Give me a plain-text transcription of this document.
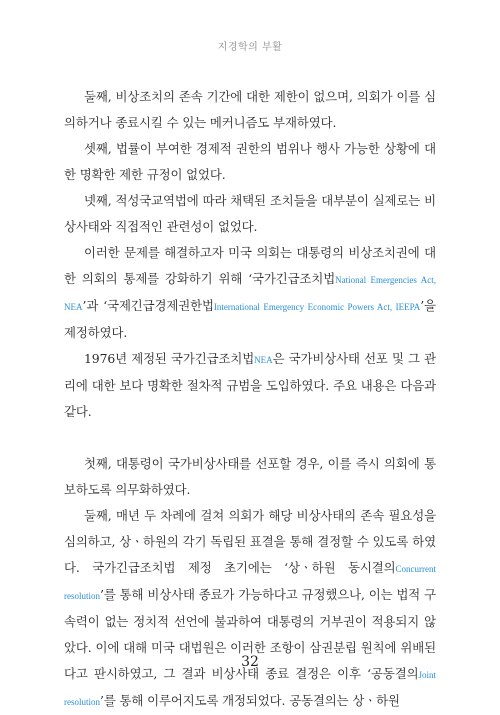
지경학의 부활

둘째, 비상조치의 존속 기간에 대한 제한이 없으며, 의회가 이를 심의하거나 종료시킬 수 있는 메커니즘도 부재하였다.

셋째, 법률이 부여한 경제적 권한의 범위나 행사 가능한 상황에 대한 명확한 제한 규정이 없었다.

넷째, 적성국교역법에 따라 채택된 조치들을 대부분이 실제로는 비상사태와 직접적인 관련성이 없었다.

이러한 문제를 해결하고자 미국 의회는 대통령의 비상조치권에 대한 의회의 통제를 강화하기 위해 ‘국가긴급조치법National Emergencies Act, NEA’과 ‘국제긴급경제권한법International Emergency Economic Powers Act, IEEPA’을 제정하였다.

1976년 제정된 국가긴급조치법NEA은 국가비상사태 선포 및 그 관리에 대한 보다 명확한 절차적 규범을 도입하였다. 주요 내용은 다음과 같다.

첫째, 대통령이 국가비상사태를 선포할 경우, 이를 즉시 의회에 통보하도록 의무화하였다.

둘째, 매년 두 차례에 걸쳐 의회가 해당 비상사태의 존속 필요성을 심의하고, 상ㆍ하원의 각기 독립된 표결을 통해 결정할 수 있도록 하였다. 국가긴급조치법 제정 초기에는 ‘상ㆍ하원 동시결의Concurrent resolution’를 통해 비상사태 종료가 가능하다고 규정했으나, 이는 법적 구속력이 없는 정치적 선언에 불과하여 대통령의 거부권이 적용되지 않았다. 이에 대해 미국 대법원은 이러한 조항이 삼권분립 원칙에 위배된다고 판시하였고, 그 결과 비상사태 종료 결정은 이후 ‘공동결의Joint resolution’를 통해 이루어지도록 개정되었다. 공동결의는 상ㆍ하원

32
